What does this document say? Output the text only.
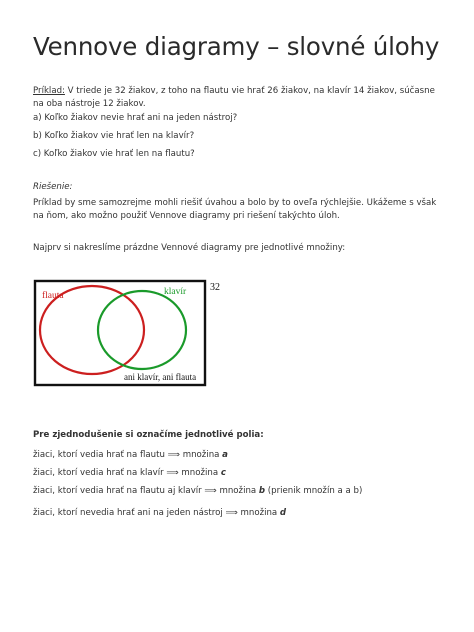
Vennove diagramy – slovné úlohy

Príklad: V triede je 32 žiakov, z toho na flautu vie hrať 26 žiakov, na klavír 14 žiakov, súčasne na oba nástroje 12 žiakov.

a) Koľko žiakov nevie hrať ani na jeden nástroj?

b) Koľko žiakov vie hrať len na klavír?

c) Koľko žiakov vie hrať len na flautu?

Riešenie:

Príklad by sme samozrejme mohli riešiť úvahou a bolo by to oveľa rýchlejšie. Ukážeme s však na ňom, ako možno použiť Vennove diagramy pri riešení takýchto úloh.

Najprv si nakreslíme prázdne Vennové diagramy pre jednotlivé množiny:

flauta	klavír
ani klavír, ani flauta
32

Pre zjednodušenie si označíme jednotlivé polia:

žiaci, ktorí vedia hrať na flautu ⟹ množina a

žiaci, ktorí vedia hrať na klavír ⟹ množina c

žiaci, ktorí vedia hrať na flautu aj klavír ⟹ množina b (prienik množín a a b)

žiaci, ktorí nevedia hrať ani na jeden nástroj ⟹ množina d
